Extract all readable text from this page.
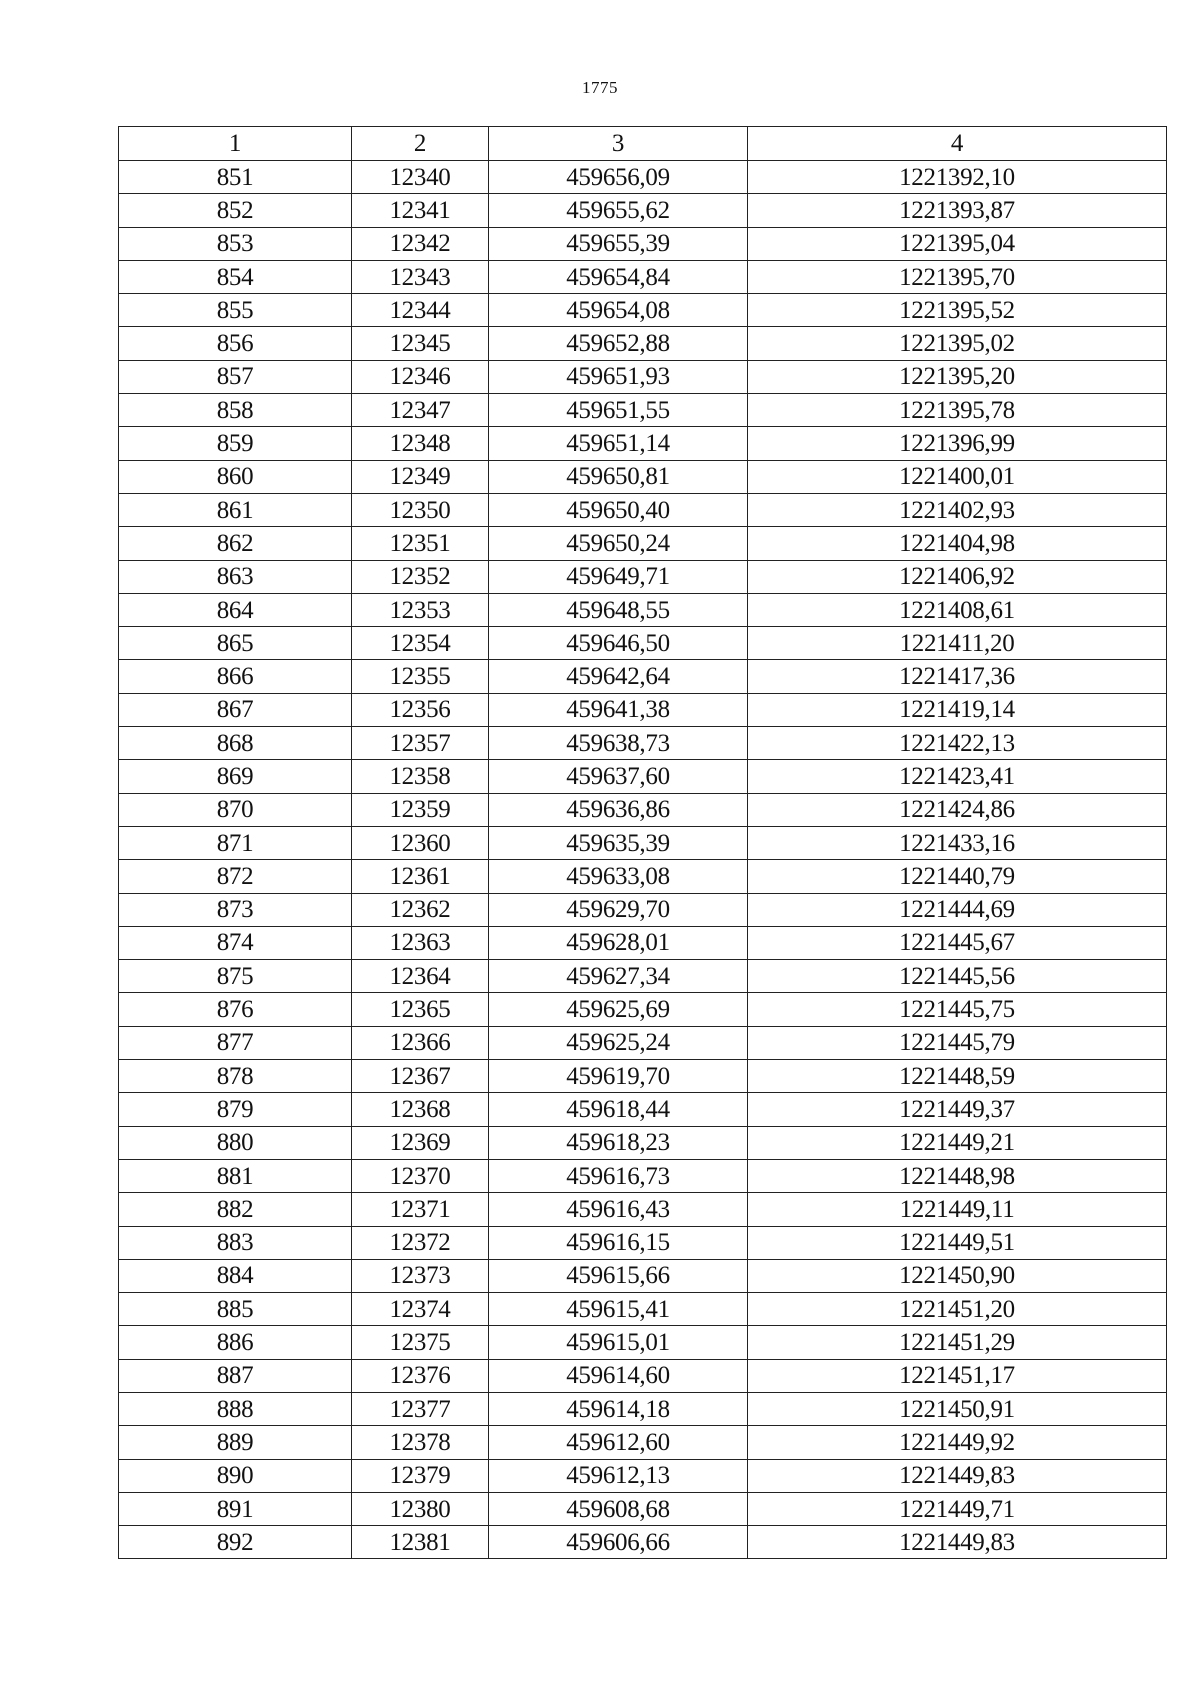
1775
1	2	3	4
851	12340	459656,09	1221392,10
852	12341	459655,62	1221393,87
853	12342	459655,39	1221395,04
854	12343	459654,84	1221395,70
855	12344	459654,08	1221395,52
856	12345	459652,88	1221395,02
857	12346	459651,93	1221395,20
858	12347	459651,55	1221395,78
859	12348	459651,14	1221396,99
860	12349	459650,81	1221400,01
861	12350	459650,40	1221402,93
862	12351	459650,24	1221404,98
863	12352	459649,71	1221406,92
864	12353	459648,55	1221408,61
865	12354	459646,50	1221411,20
866	12355	459642,64	1221417,36
867	12356	459641,38	1221419,14
868	12357	459638,73	1221422,13
869	12358	459637,60	1221423,41
870	12359	459636,86	1221424,86
871	12360	459635,39	1221433,16
872	12361	459633,08	1221440,79
873	12362	459629,70	1221444,69
874	12363	459628,01	1221445,67
875	12364	459627,34	1221445,56
876	12365	459625,69	1221445,75
877	12366	459625,24	1221445,79
878	12367	459619,70	1221448,59
879	12368	459618,44	1221449,37
880	12369	459618,23	1221449,21
881	12370	459616,73	1221448,98
882	12371	459616,43	1221449,11
883	12372	459616,15	1221449,51
884	12373	459615,66	1221450,90
885	12374	459615,41	1221451,20
886	12375	459615,01	1221451,29
887	12376	459614,60	1221451,17
888	12377	459614,18	1221450,91
889	12378	459612,60	1221449,92
890	12379	459612,13	1221449,83
891	12380	459608,68	1221449,71
892	12381	459606,66	1221449,83
